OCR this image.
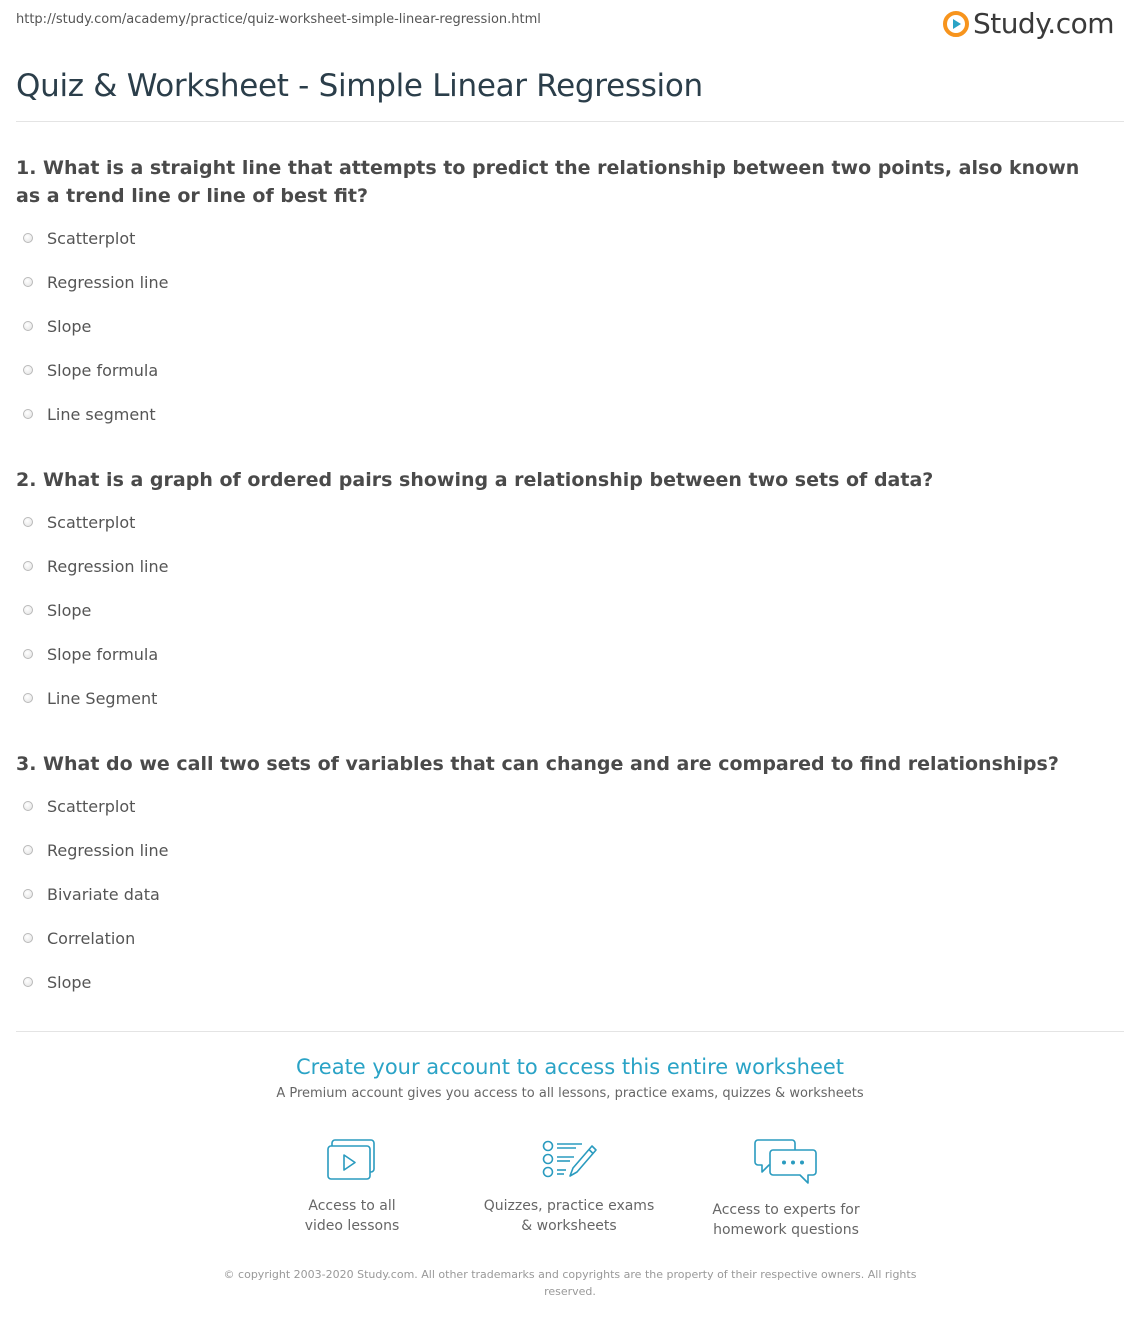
http://study.com/academy/practice/quiz-worksheet-simple-linear-regression.html	Study.com
Quiz & Worksheet - Simple Linear Regression

1. What is a straight line that attempts to predict the relationship between two points, also known as a trend line or line of best fit?

Scatterplot
Regression line
Slope
Slope formula
Line segment

2. What is a graph of ordered pairs showing a relationship between two sets of data?

Scatterplot
Regression line
Slope
Slope formula
Line Segment

3. What do we call two sets of variables that can change and are compared to find relationships?

Scatterplot
Regression line
Bivariate data
Correlation
Slope
Create your account to access this entire worksheet
A Premium account gives you access to all lessons, practice exams, quizzes & worksheets
Access to all
video lessons
Quizzes, practice exams
& worksheets
Access to experts for
homework questions
© copyright 2003-2020 Study.com. All other trademarks and copyrights are the property of their respective owners. All rights
reserved.
